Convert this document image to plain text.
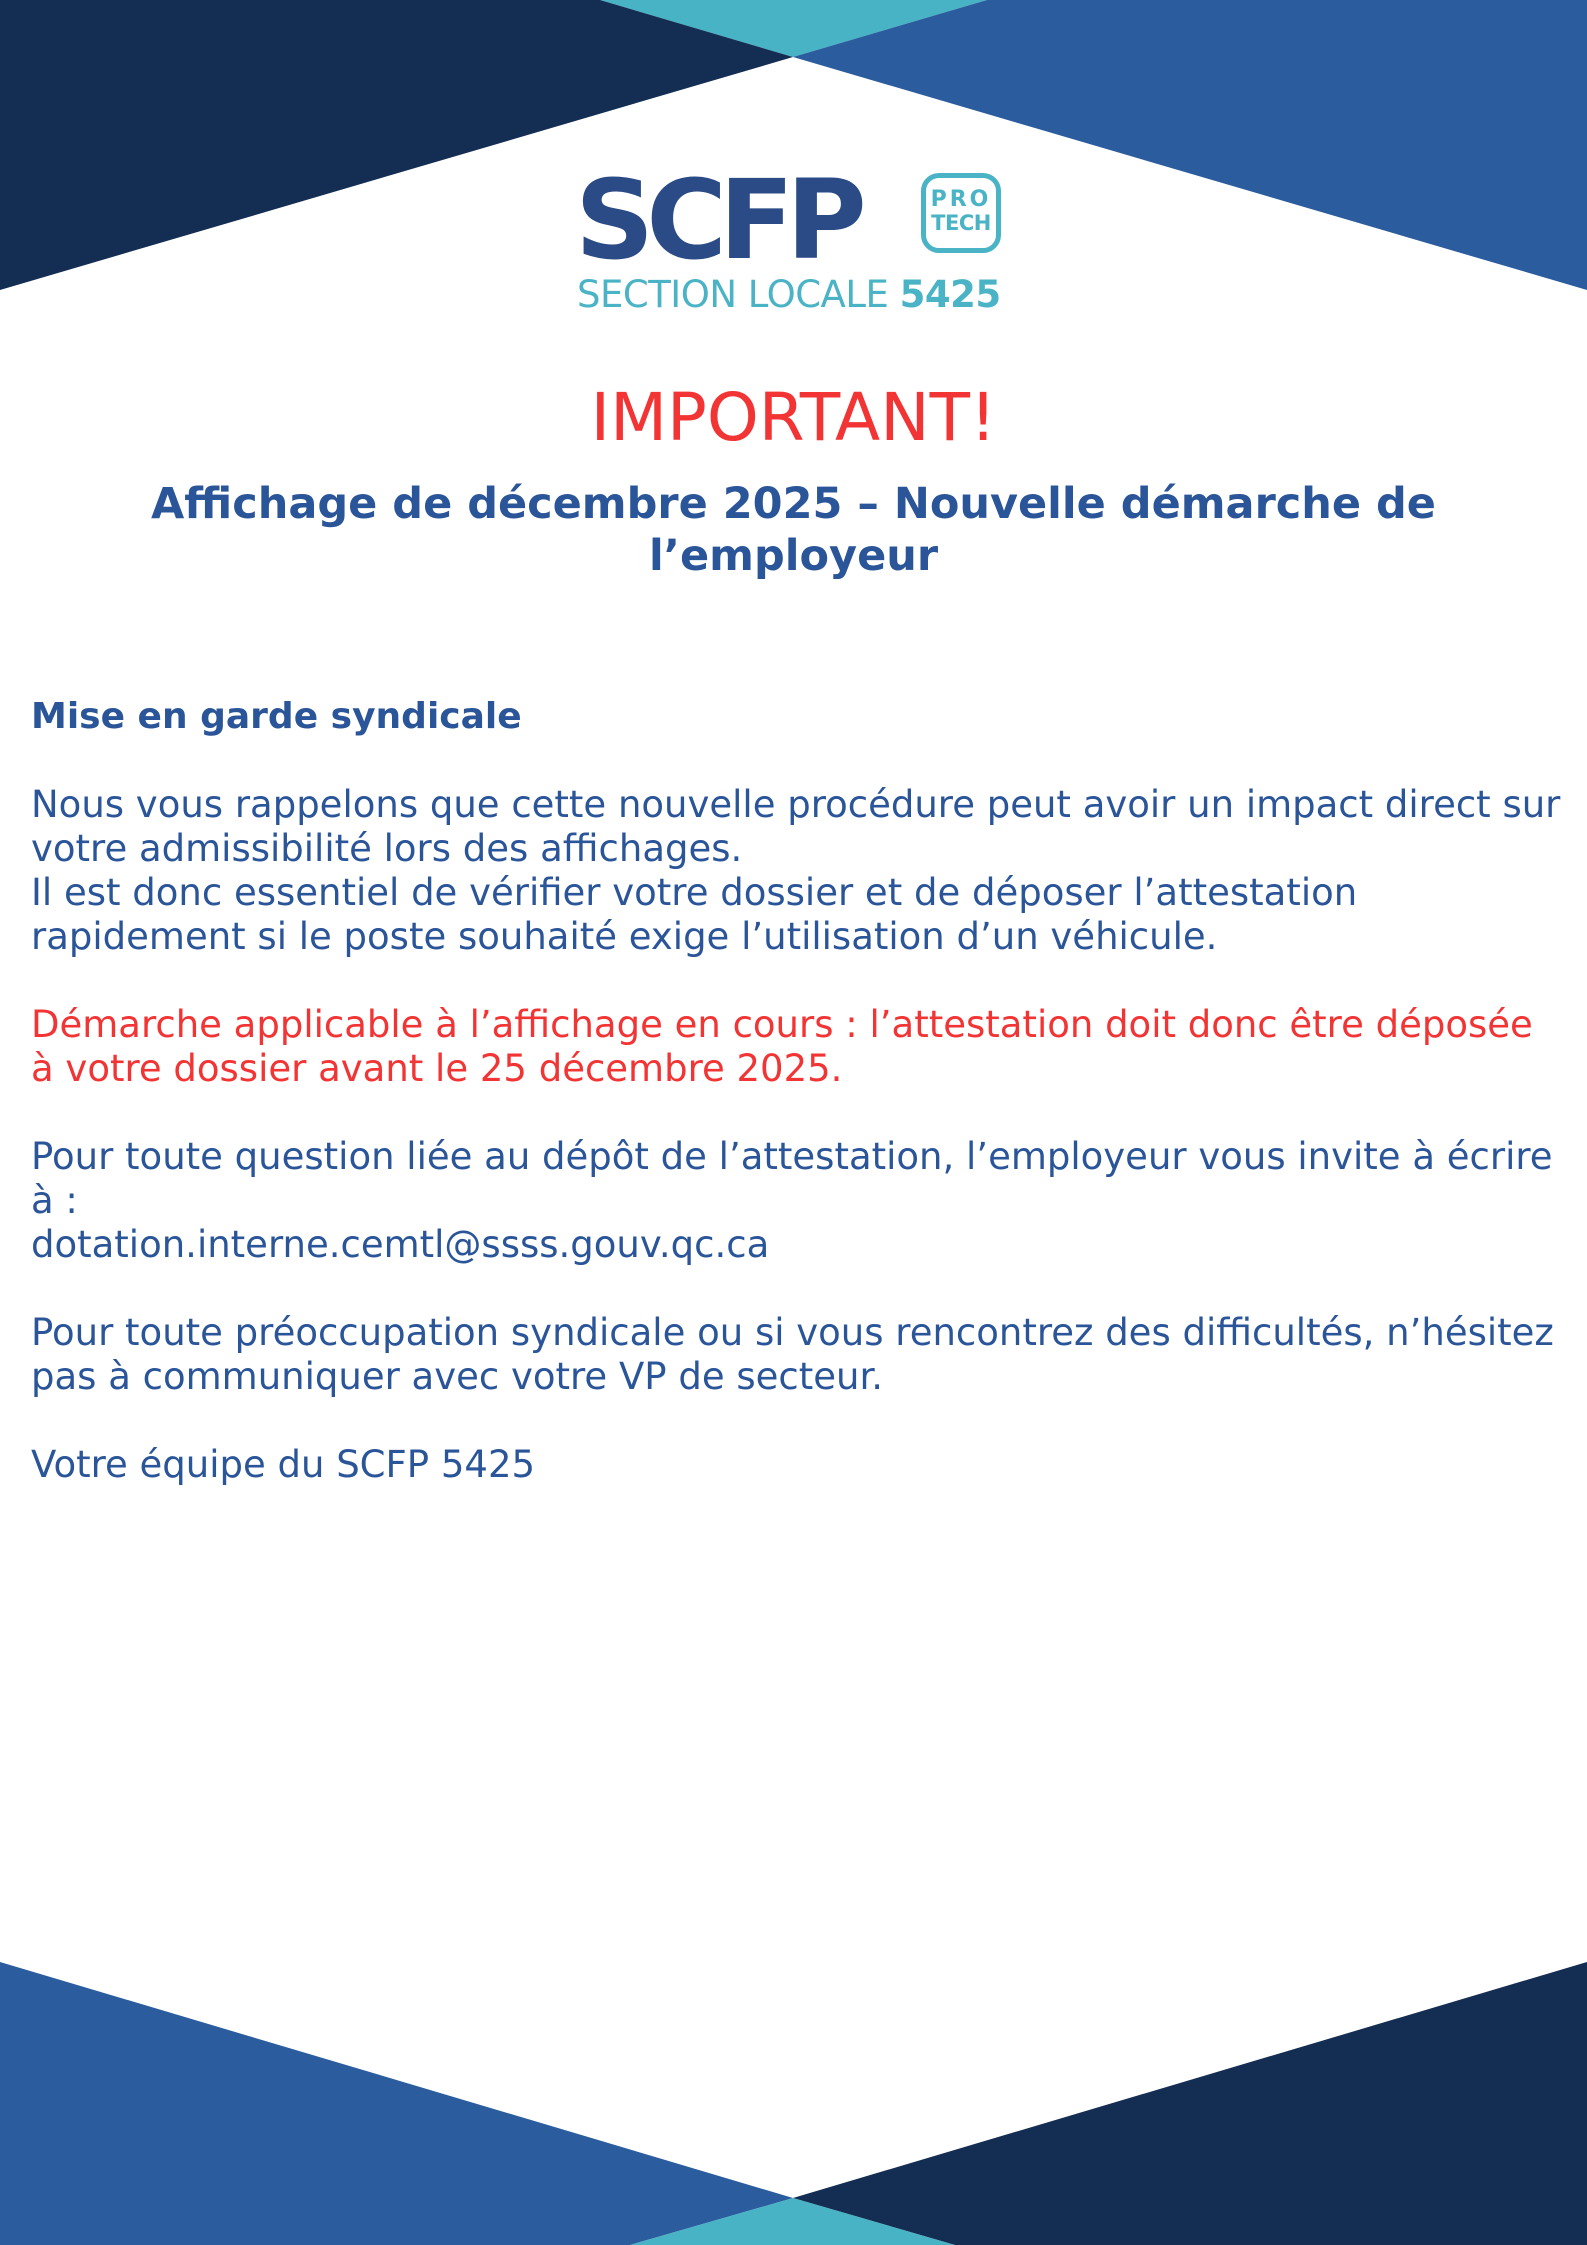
SCFP	PRO
TECH
SECTION LOCALE 5425
IMPORTANT!
Affichage de décembre 2025 – Nouvelle démarche de l’employeur

Mise en garde syndicale

Nous vous rappelons que cette nouvelle procédure peut avoir un impact direct sur votre admissibilité lors des affichages.
Il est donc essentiel de vérifier votre dossier et de déposer l’attestation rapidement si le poste souhaité exige l’utilisation d’un véhicule.

Démarche applicable à l’affichage en cours : l’attestation doit donc être déposée à votre dossier avant le 25 décembre 2025.

Pour toute question liée au dépôt de l’attestation, l’employeur vous invite à écrire à :
dotation.interne.cemtl@ssss.gouv.qc.ca

Pour toute préoccupation syndicale ou si vous rencontrez des difficultés, n’hésitez pas à communiquer avec votre VP de secteur.

Votre équipe du SCFP 5425
